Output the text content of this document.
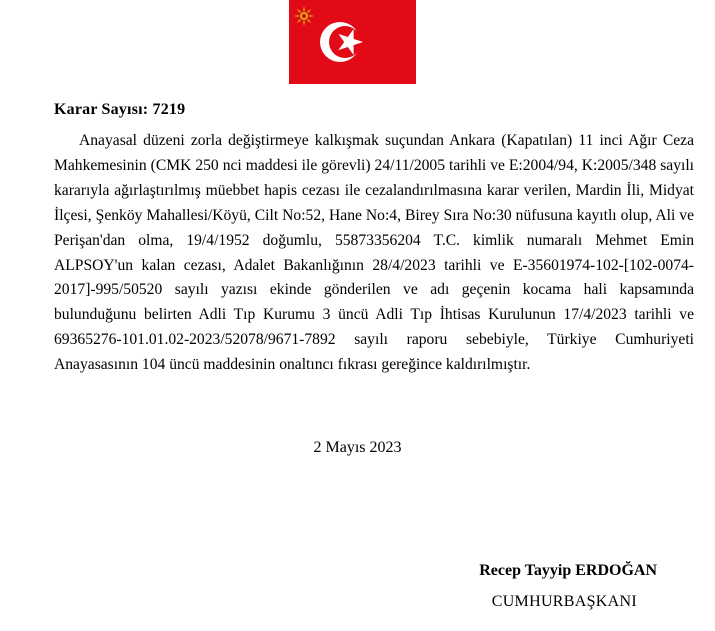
Karar Sayısı: 7219

Anayasal düzeni zorla değiştirmeye kalkışmak suçundan Ankara (Kapatılan) 11 inci Ağır Ceza Mahkemesinin (CMK 250 nci maddesi ile görevli) 24/11/2005 tarihli ve E:2004/94, K:2005/348 sayılı kararıyla ağırlaştırılmış müebbet hapis cezası ile cezalandırılmasına karar verilen, Mardin İli, Midyat İlçesi, Şenköy Mahallesi/Köyü, Cilt No:52, Hane No:4, Birey Sıra No:30 nüfusuna kayıtlı olup, Ali ve Perişan'dan olma, 19/4/1952 doğumlu, 55873356204 T.C. kimlik numaralı Mehmet Emin ALPSOY'un kalan cezası, Adalet Bakanlığının 28/4/2023 tarihli ve E-35601974-102-[102-0074-2017]-995/50520 sayılı yazısı ekinde gönderilen ve adı geçenin kocama hali kapsamında bulunduğunu belirten Adli Tıp Kurumu 3 üncü Adli Tıp İhtisas Kurulunun 17/4/2023 tarihli ve 69365276-101.01.02-2023/52078/9671-7892 sayılı raporu sebebiyle, Türkiye Cumhuriyeti Anayasasının 104 üncü maddesinin onaltıncı fıkrası gereğince kaldırılmıştır.

2 Mayıs 2023
Recep Tayyip ERDOĞAN
CUMHURBAŞKANI
